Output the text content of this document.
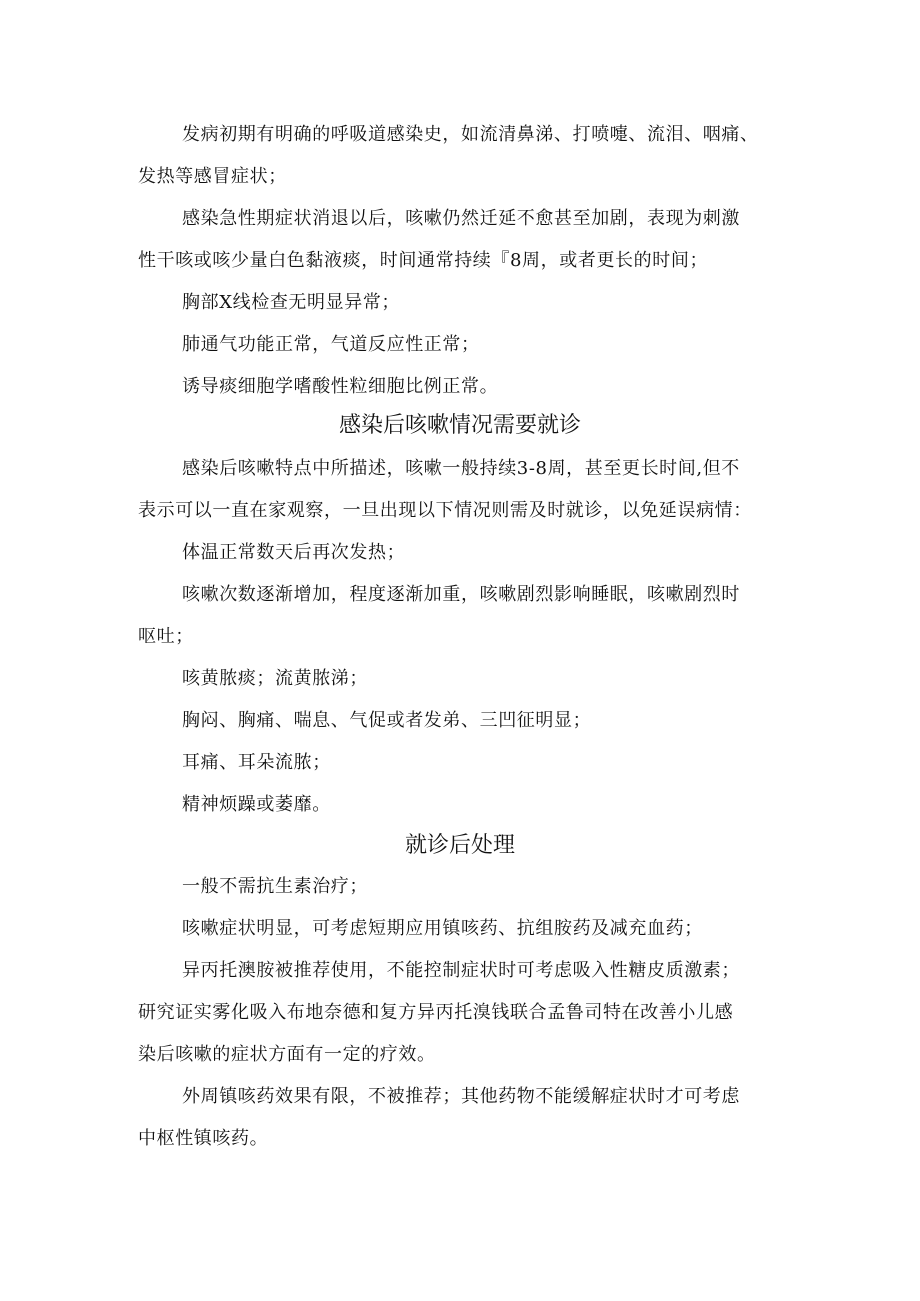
发病初期有明确的呼吸道感染史，如流清鼻涕、打喷嚏、流泪、咽痛、
发热等感冒症状；
感染急性期症状消退以后，咳嗽仍然迁延不愈甚至加剧，表现为刺激
性干咳或咳少量白色黏液痰，时间通常持续『8周，或者更长的时间；
胸部X线检查无明显异常；
肺通气功能正常，气道反应性正常；
诱导痰细胞学嗜酸性粒细胞比例正常。
感染后咳嗽情况需要就诊
感染后咳嗽特点中所描述，咳嗽一般持续3-8周，甚至更长时间,但不
表示可以一直在家观察，一旦出现以下情况则需及时就诊，以免延误病情：
体温正常数天后再次发热；
咳嗽次数逐渐增加，程度逐渐加重，咳嗽剧烈影响睡眠，咳嗽剧烈时
呕吐；
咳黄脓痰；流黄脓涕；
胸闷、胸痛、喘息、气促或者发弟、三凹征明显；
耳痛、耳朵流脓；
精神烦躁或萎靡。
就诊后处理
一般不需抗生素治疗；
咳嗽症状明显，可考虑短期应用镇咳药、抗组胺药及减充血药；
异丙托澳胺被推荐使用，不能控制症状时可考虑吸入性糖皮质激素；
研究证实雾化吸入布地奈德和复方异丙托溴钱联合孟鲁司特在改善小儿感
染后咳嗽的症状方面有一定的疗效。
外周镇咳药效果有限，不被推荐；其他药物不能缓解症状时才可考虑
中枢性镇咳药。
